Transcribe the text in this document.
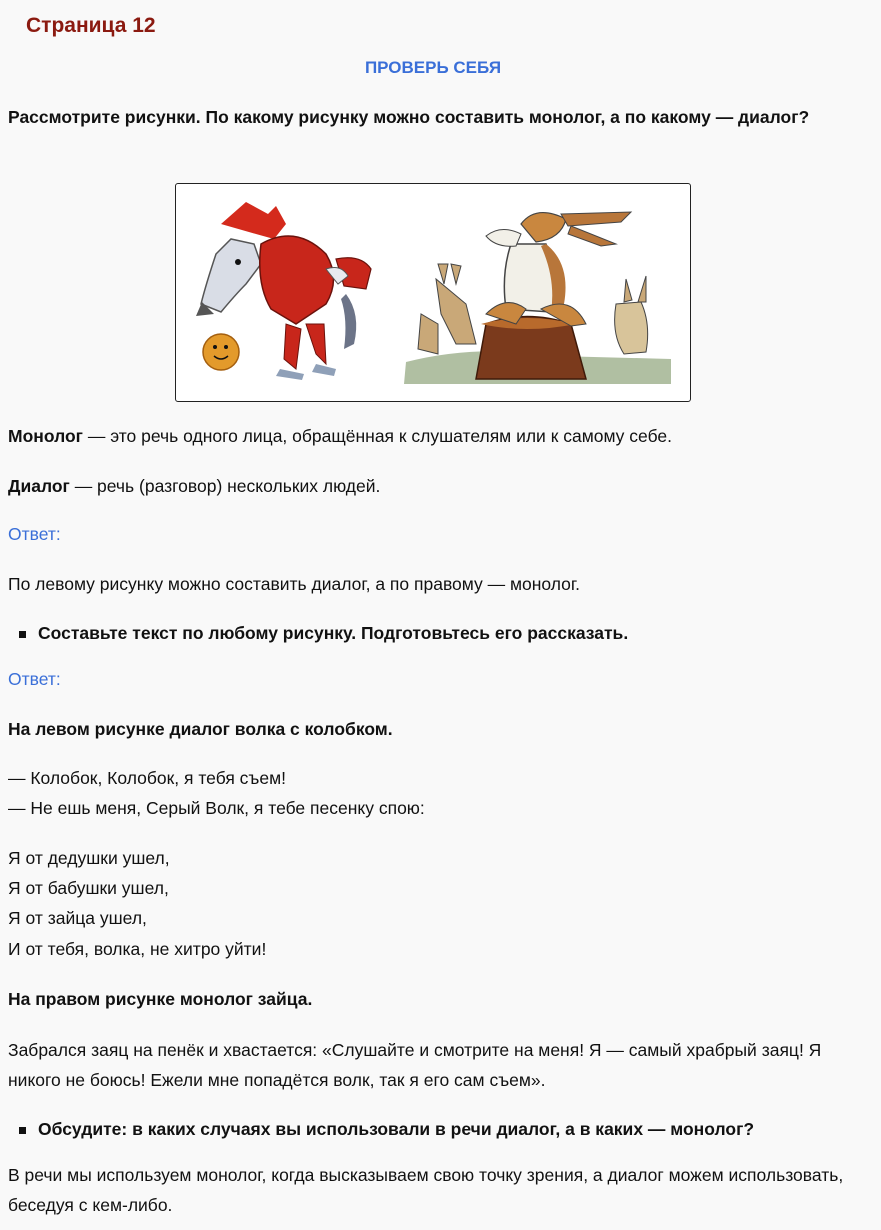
Страница 12
ПРОВЕРЬ СЕБЯ
Рассмотрите рисунки. По какому рисунку можно составить монолог, а по какому — диалог?
Монолог — это речь одного лица, обращённая к слушателям или к самому себе.
Диалог — речь (разговор) нескольких людей.
Ответ:
По левому рисунку можно составить диалог, а по правому — монолог.
Составьте текст по любому рисунку. Подготовьтесь его рассказать.
Ответ:
На левом рисунке диалог волка с колобком.
— Колобок, Колобок, я тебя съем!
— Не ешь меня, Серый Волк, я тебе песенку спою:
Я от дедушки ушел,
Я от бабушки ушел,
Я от зайца ушел,
И от тебя, волка, не хитро уйти!
На правом рисунке монолог зайца.
Забрался заяц на пенёк и хвастается: «Слушайте и смотрите на меня! Я — самый храбрый заяц! Я никого не боюсь! Ежели мне попадётся волк, так я его сам съем».
Обсудите: в каких случаях вы использовали в речи диалог, а в каких — монолог?
В речи мы используем монолог, когда высказываем свою точку зрения, а диалог можем использовать, беседуя с кем-либо.
